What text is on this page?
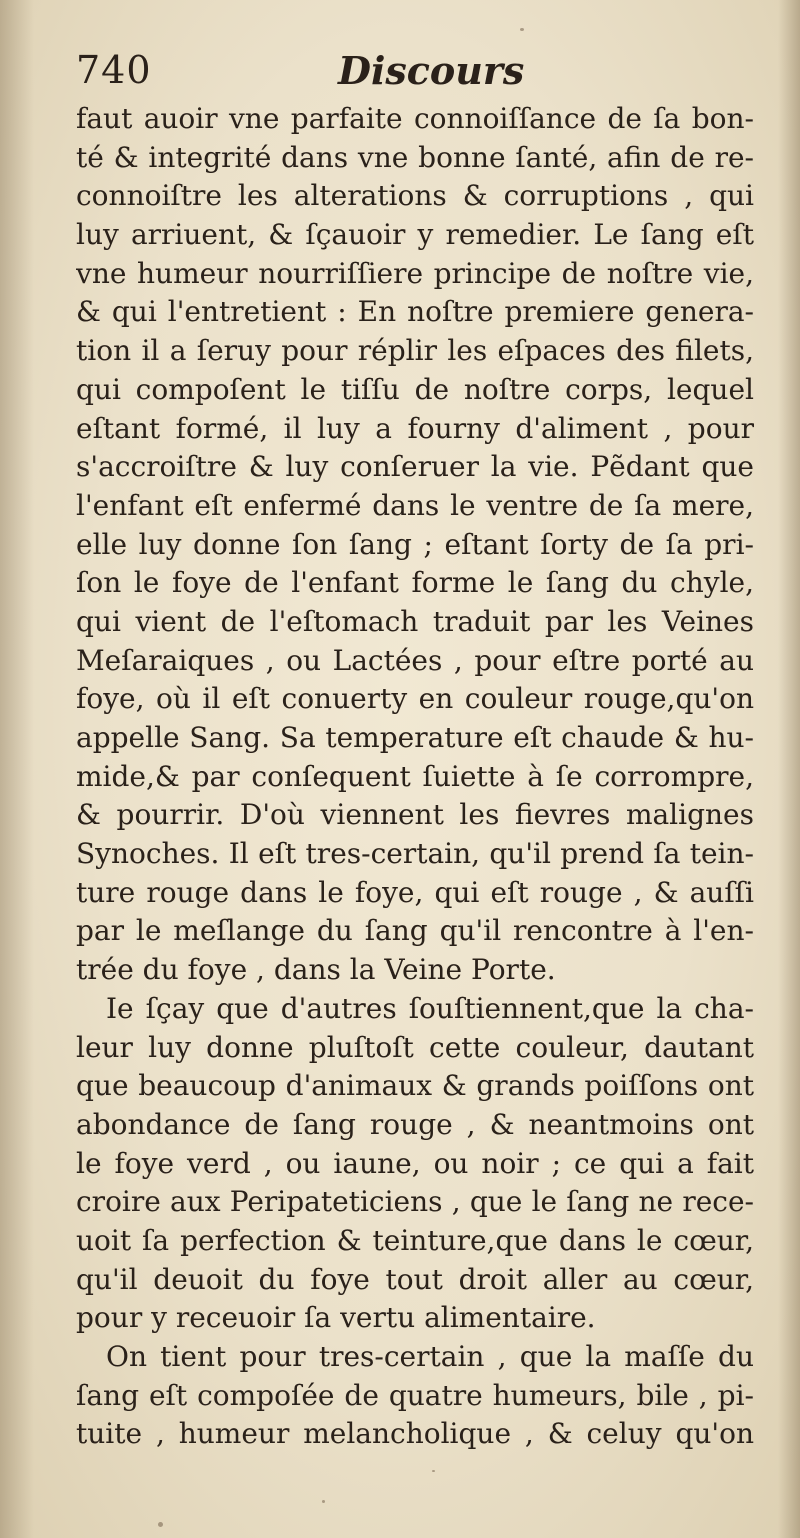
740	Discours
faut auoir vne parfaite connoiſſance de ſa bon-
té & integrité dans vne bonne ſanté, afin de re-
connoiſtre les alterations & corruptions , qui
luy arriuent, & ſçauoir y remedier. Le ſang eſt
vne humeur nourriſſiere principe de noſtre vie,
& qui l'entretient : En noſtre premiere genera-
tion il a ſeruy pour réplir les eſpaces des filets,
qui compoſent le tiſſu de noſtre corps, lequel
eſtant formé, il luy a fourny d'aliment , pour
s'accroiſtre & luy conſeruer la vie. Pẽdant que
l'enfant eſt enfermé dans le ventre de ſa mere,
elle luy donne ſon ſang ; eſtant ſorty de ſa pri-
ſon le foye de l'enfant forme le ſang du chyle,
qui vient de l'eſtomach traduit par les Veines
Meſaraiques , ou Lactées , pour eſtre porté au
foye, où il eſt conuerty en couleur rouge,qu'on
appelle Sang. Sa temperature eſt chaude & hu-
mide,& par conſequent ſuiette à ſe corrompre,
& pourrir. D'où viennent les fievres malignes
Synoches. Il eſt tres-certain, qu'il prend ſa tein-
ture rouge dans le foye, qui eſt rouge , & auſſi
par le meſlange du ſang qu'il rencontre à l'en-
trée du foye , dans la Veine Porte.
Ie ſçay que d'autres ſouſtiennent,que la cha-
leur luy donne pluſtoſt cette couleur, dautant
que beaucoup d'animaux & grands poiſſons ont
abondance de ſang rouge , & neantmoins ont
le foye verd , ou iaune, ou noir ; ce qui a fait
croire aux Peripateticiens , que le ſang ne rece-
uoit ſa perfection & teinture,que dans le cœur,
qu'il deuoit du foye tout droit aller au cœur,
pour y receuoir ſa vertu alimentaire.
On tient pour tres-certain , que la maſſe du
ſang eſt compoſée de quatre humeurs, bile , pi-
tuite , humeur melancholique , & celuy qu'on
